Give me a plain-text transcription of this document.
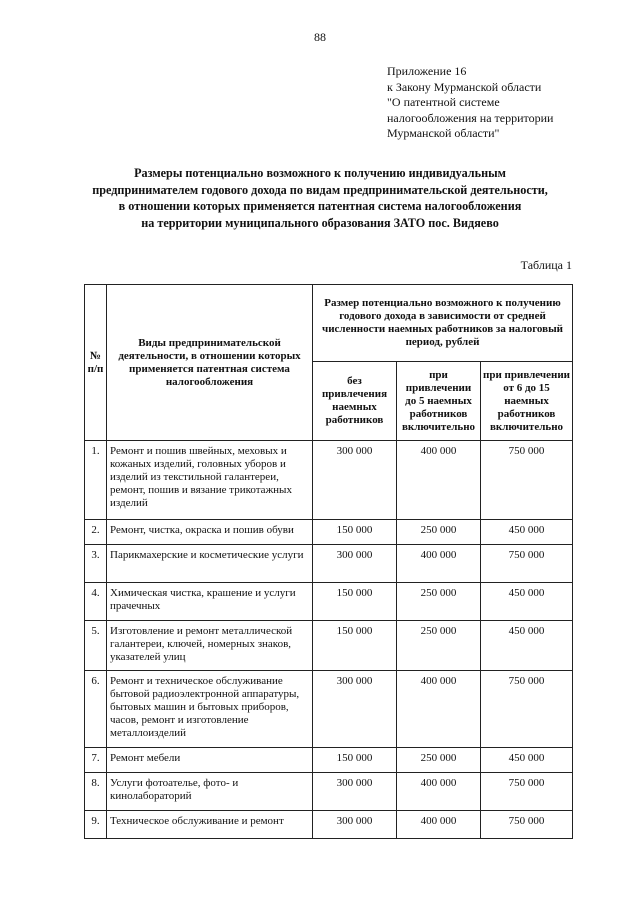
88
Приложение 16
к Закону Мурманской области
"О патентной системе
налогообложения на территории
Мурманской области"
Размеры потенциально возможного к получению индивидуальным
предпринимателем годового дохода по видам предпринимательской деятельности,
в отношении которых применяется патентная система налогообложения
на территории муниципального образования ЗАТО пос. Видяево
Таблица 1
№ п/п	Виды предпринимательской деятельности, в отношении которых применяется патентная система налогообложения	Размер потенциально возможного к получению годового дохода в зависимости от средней численности наемных работников за налоговый период, рублей		
		без привлечения наемных работников	при привлечении до 5 наемных работников включительно	при привлечении от 6 до 15 наемных работников включительно
1.	Ремонт и пошив швейных, меховых и кожаных изделий, головных уборов и изделий из текстильной галантереи, ремонт, пошив и вязание трикотажных изделий	300 000	400 000	750 000
2.	Ремонт, чистка, окраска и пошив обуви	150 000	250 000	450 000
3.	Парикмахерские и косметические услуги	300 000	400 000	750 000
4.	Химическая чистка, крашение и услуги прачечных	150 000	250 000	450 000
5.	Изготовление и ремонт металлической галантереи, ключей, номерных знаков, указателей улиц	150 000	250 000	450 000
6.	Ремонт и техническое обслуживание бытовой радиоэлектронной аппаратуры, бытовых машин и бытовых приборов, часов, ремонт и изготовление металлоизделий	300 000	400 000	750 000
7.	Ремонт мебели	150 000	250 000	450 000
8.	Услуги фотоателье, фото- и кинолабораторий	300 000	400 000	750 000
9.	Техническое обслуживание и ремонт	300 000	400 000	750 000
